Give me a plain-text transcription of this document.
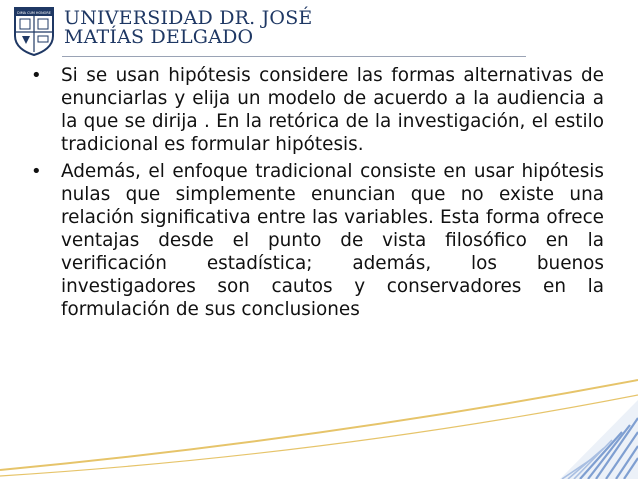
DIMA CUM HONORE UNIVERSIDAD DR. JOSÉ
MATÍAS DELGADO
• Si se usan hipótesis considere las formas alternativas de enunciarlas y elija un modelo de acuerdo a la audiencia a la que se dirija . En la retórica de la investigación, el estilo tradicional es formular hipótesis.
• Además, el enfoque tradicional consiste en usar hipótesis nulas que simplemente enuncian que no existe una relación significativa entre las variables. Esta forma ofrece ventajas desde el punto de vista filosófico en la verificación estadística; además, los buenos investigadores son cautos y conservadores en la formulación de sus conclusiones
